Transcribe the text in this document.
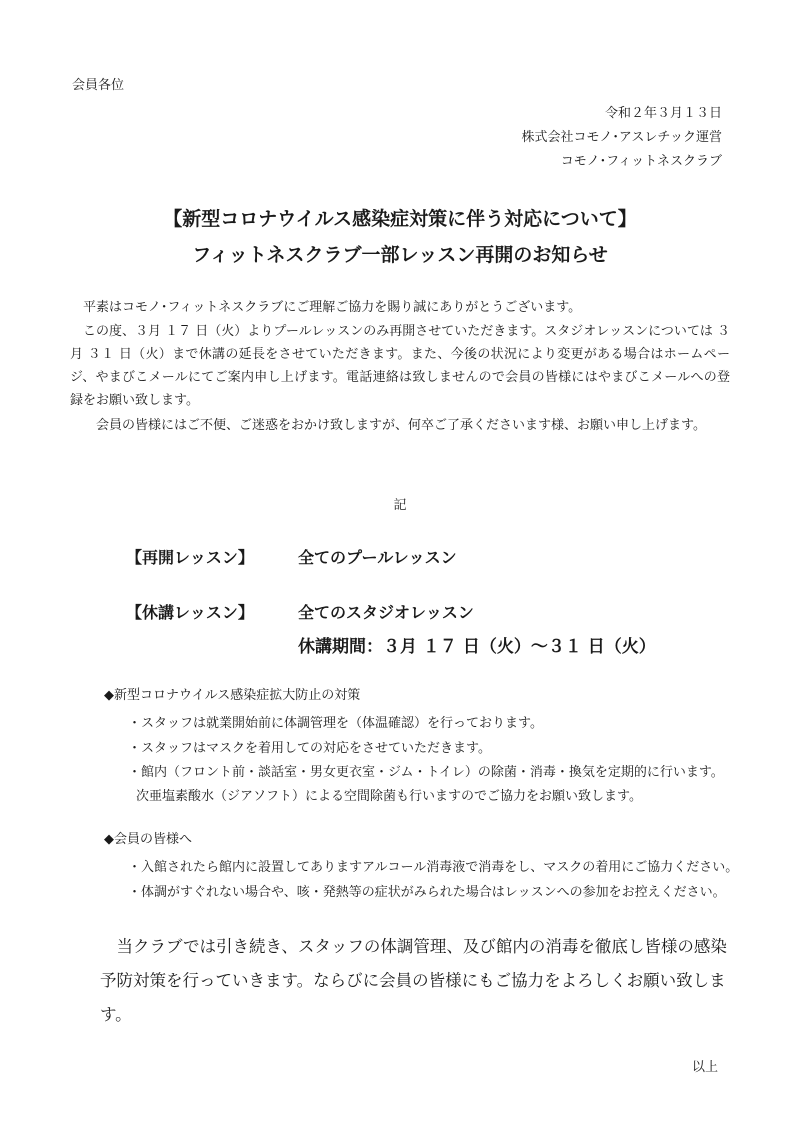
会員各位
令和２年３月１３日
株式会社コモノ･アスレチック運営
コモノ･フィットネスクラブ
【新型コロナウイルス感染症対策に伴う対応について】
フィットネスクラブ一部レッスン再開のお知らせ
　平素はコモノ･フィットネスクラブにご理解ご協力を賜り誠にありがとうございます。
　この度、３月 １７ 日（火）よりプールレッスンのみ再開させていただきます。スタジオレッスンについては ３ 月 ３１ 日（火）まで休講の延長をさせていただきます。また、今後の状況により変更がある場合はホームページ、やまびこメールにてご案内申し上げます。電話連絡は致しませんので会員の皆様にはやまびこメールへの登録をお願い致します。
　　会員の皆様にはご不便、ご迷惑をおかけ致しますが、何卒ご了承くださいます様、お願い申し上げます。
記
【再開レッスン】	全てのプールレッスン
【休講レッスン】	全てのスタジオレッスン
休講期間：３月 １７ 日（火）～３１ 日（火）
◆新型コロナウイルス感染症拡大防止の対策
・スタッフは就業開始前に体調管理を（体温確認）を行っております。
・スタッフはマスクを着用しての対応をさせていただきます。
・館内（フロント前・談話室・男女更衣室・ジム・トイレ）の除菌・消毒・換気を定期的に行います。
次亜塩素酸水（ジアソフト）による空間除菌も行いますのでご協力をお願い致します。
◆会員の皆様へ
・入館されたら館内に設置してありますアルコール消毒液で消毒をし、マスクの着用にご協力ください。
・体調がすぐれない場合や、咳・発熱等の症状がみられた場合はレッスンへの参加をお控えください。
　当クラブでは引き続き、スタッフの体調管理、及び館内の消毒を徹底し皆様の感染予防対策を行っていきます。ならびに会員の皆様にもご協力をよろしくお願い致します。
以上
